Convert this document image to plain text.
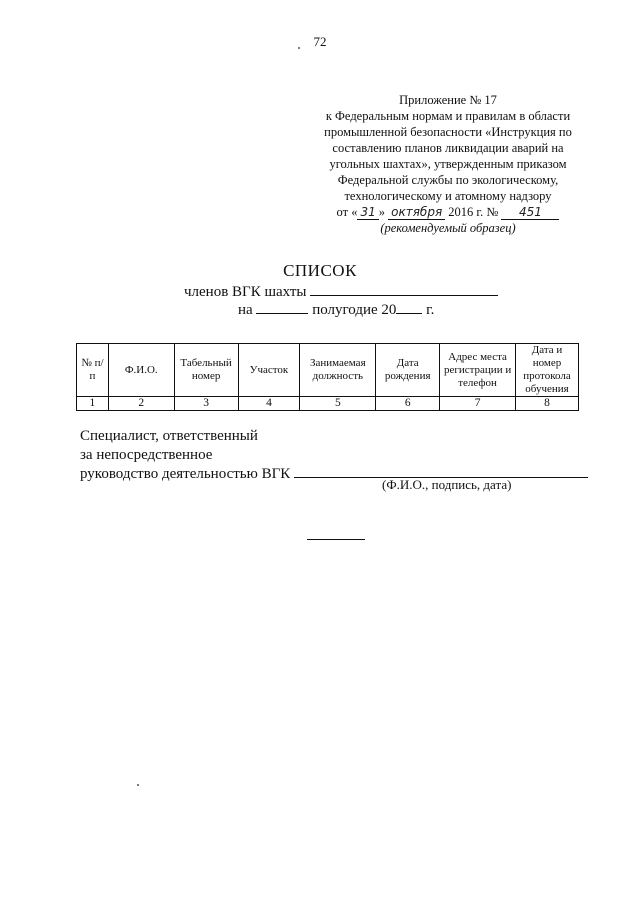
72
Приложение № 17
к Федеральным нормам и правилам в области
промышленной безопасности «Инструкция по
составлению планов ликвидации аварий на
угольных шахтах», утвержденным приказом
Федеральной службы по экологическому,
технологическому и атомному надзору
от « 31 » октября 2016 г. № 451
(рекомендуемый образец)
СПИСОК
членов ВГК шахты
на	полугодие 20 г.
№ п/п	Ф.И.О.	Табельный номер	Участок	Занимаемая должность	Дата рождения	Адрес места регистрации и телефон	Дата и номер протокола обучения
1	2	3	4	5	6	7	8
Специалист, ответственный
за непосредственное
руководство деятельностью ВГК
(Ф.И.О., подпись, дата)
